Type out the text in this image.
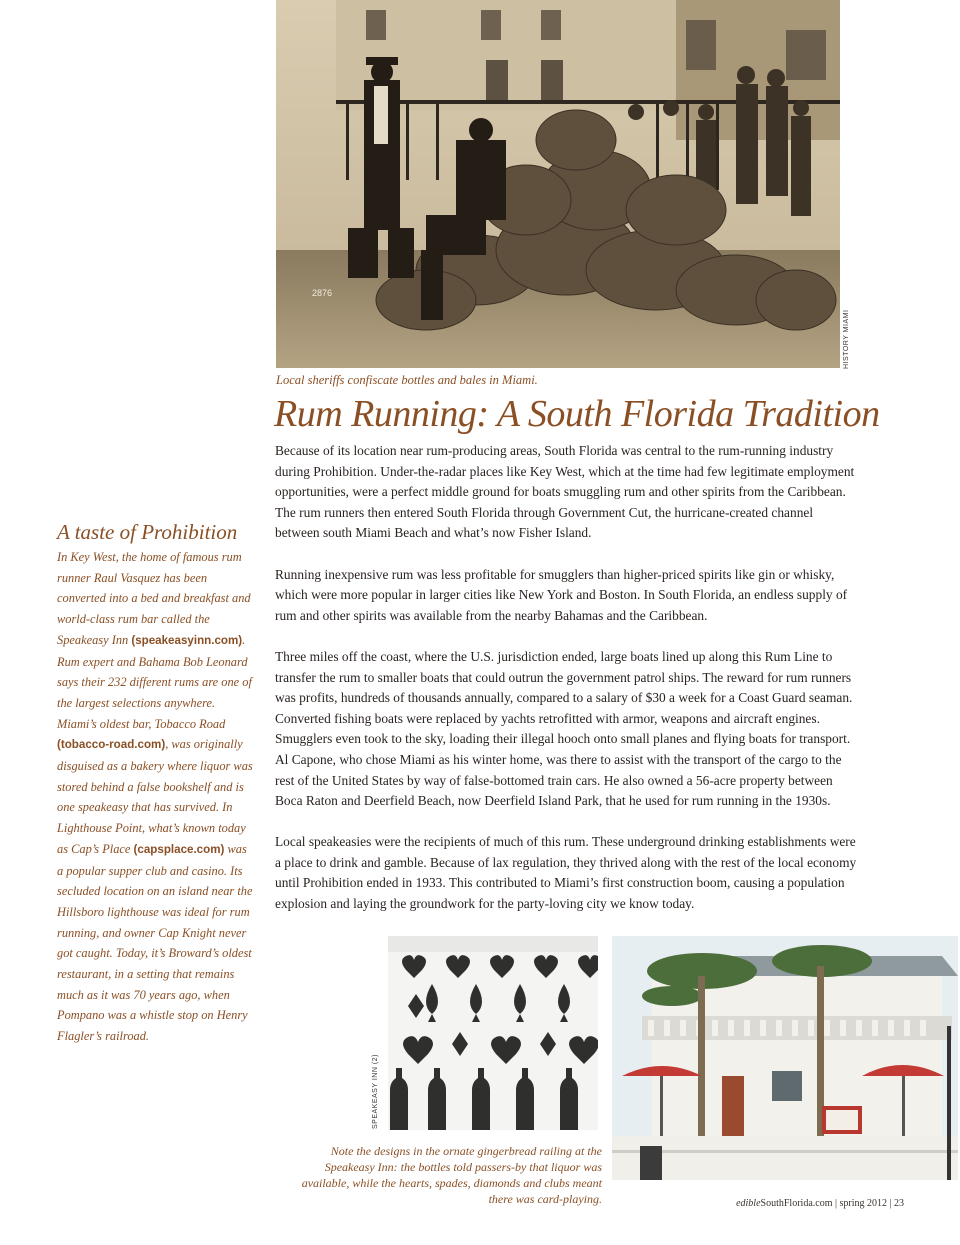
2876
HISTORY MIAMI
Local sheriffs confiscate bottles and bales in Miami.
Rum Running: A South Florida Tradition

Because of its location near rum-producing areas, South Florida was central to the rum-running industry during Prohibition. Under-the-radar places like Key West, which at the time had few legitimate employment opportunities, were a perfect middle ground for boats smuggling rum and other spirits from the Caribbean. The rum runners then entered South Florida through Government Cut, the hurricane-created channel between south Miami Beach and what’s now Fisher Island.

Running inexpensive rum was less profitable for smugglers than higher-priced spirits like gin or whisky, which were more popular in larger cities like New York and Boston. In South Florida, an endless supply of rum and other spirits was available from the nearby Bahamas and the Caribbean.

Three miles off the coast, where the U.S. jurisdiction ended, large boats lined up along this Rum Line to transfer the rum to smaller boats that could outrun the government patrol ships. The reward for rum runners was profits, hundreds of thousands annually, compared to a salary of $30 a week for a Coast Guard seaman. Converted fishing boats were replaced by yachts retrofitted with armor, weapons and aircraft engines. Smugglers even took to the sky, loading their illegal hooch onto small planes and flying boats for transport. Al Capone, who chose Miami as his winter home, was there to assist with the transport of the cargo to the rest of the United States by way of false-bottomed train cars. He also owned a 56-acre property between Boca Raton and Deerfield Beach, now Deerfield Island Park, that he used for rum running in the 1930s.

Local speakeasies were the recipients of much of this rum. These underground drinking establishments were a place to drink and gamble. Because of lax regulation, they thrived along with the rest of the local economy until Prohibition ended in 1933. This contributed to Miami’s first construction boom, causing a population explosion and laying the groundwork for the party-loving city we know today.

A taste of Prohibition
In Key West, the home of famous rum runner Raul Vasquez has been converted into a bed and breakfast and world-class rum bar called the Speakeasy Inn (speakeasyinn.com). Rum expert and Bahama Bob Leonard says their 232 different rums are one of the largest selections anywhere. Miami’s oldest bar, Tobacco Road (tobacco-road.com), was originally disguised as a bakery where liquor was stored behind a false bookshelf and is one speakeasy that has survived. In Lighthouse Point, what’s known today as Cap’s Place (capsplace.com) was a popular supper club and casino. Its secluded location on an island near the Hillsboro lighthouse was ideal for rum running, and owner Cap Knight never got caught. Today, it’s Broward’s oldest restaurant, in a setting that remains much as it was 70 years ago, when Pompano was a whistle stop on Henry Flagler’s railroad.
SPEAKEASY INN (2)
Note the designs in the ornate gingerbread railing at the Speakeasy Inn: the bottles told passers-by that liquor was available, while the hearts, spades, diamonds and clubs meant there was card-playing.	edibleSouthFlorida.com | spring 2012 | 23
